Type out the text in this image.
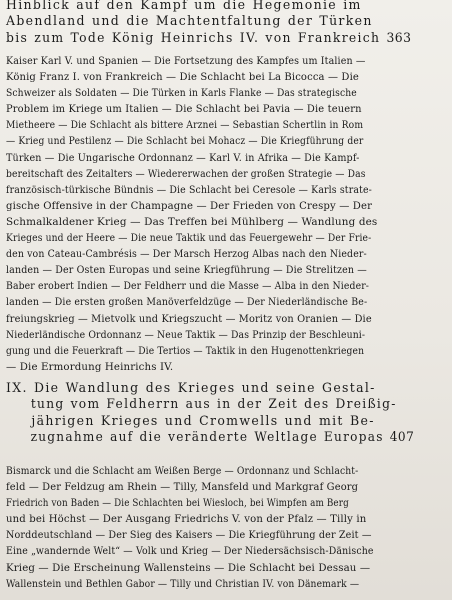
Hinblick auf den Kampf um die Hegemonie im
Abendland und die Machtentfaltung der Türken
bis zum Tode König Heinrichs IV. von Frankreich 363
Kaiser Karl V. und Spanien — Die Fortsetzung des Kampfes um Italien —
König Franz I. von Frankreich — Die Schlacht bei La Bicocca — Die
Schweizer als Soldaten — Die Türken in Karls Flanke — Das strategische
Problem im Kriege um Italien — Die Schlacht bei Pavia — Die teuern
Mietheere — Die Schlacht als bittere Arznei — Sebastian Schertlin in Rom
— Krieg und Pestilenz — Die Schlacht bei Mohacz — Die Kriegführung der
Türken — Die Ungarische Ordonnanz — Karl V. in Afrika — Die Kampf-
bereitschaft des Zeitalters — Wiedererwachen der großen Strategie — Das
französisch-türkische Bündnis — Die Schlacht bei Ceresole — Karls strate-
gische Offensive in der Champagne — Der Frieden von Crespy — Der
Schmalkaldener Krieg — Das Treffen bei Mühlberg — Wandlung des
Krieges und der Heere — Die neue Taktik und das Feuergewehr — Der Frie-
den von Cateau-Cambrésis — Der Marsch Herzog Albas nach den Nieder-
landen — Der Osten Europas und seine Kriegführung — Die Strelitzen —
Baber erobert Indien — Der Feldherr und die Masse — Alba in den Nieder-
landen — Die ersten großen Manöverfeldzüge — Der Niederländische Be-
freiungskrieg — Mietvolk und Kriegszucht — Moritz von Oranien — Die
Niederländische Ordonnanz — Neue Taktik — Das Prinzip der Beschleuni-
gung und die Feuerkraft — Die Tertios — Taktik in den Hugenottenkriegen
— Die Ermordung Heinrichs IV.
IX. Die Wandlung des Krieges und seine Gestal-
tung vom Feldherrn aus in der Zeit des Dreißig-
jährigen Krieges und Cromwells und mit Be-
zugnahme auf die veränderte Weltlage Europas 407
Bismarck und die Schlacht am Weißen Berge — Ordonnanz und Schlacht-
feld — Der Feldzug am Rhein — Tilly, Mansfeld und Markgraf Georg
Friedrich von Baden — Die Schlachten bei Wiesloch, bei Wimpfen am Berg
und bei Höchst — Der Ausgang Friedrichs V. von der Pfalz — Tilly in
Norddeutschland — Der Sieg des Kaisers — Die Kriegführung der Zeit —
Eine „wandernde Welt“ — Volk und Krieg — Der Niedersächsisch-Dänische
Krieg — Die Erscheinung Wallensteins — Die Schlacht bei Dessau —
Wallenstein und Bethlen Gabor — Tilly und Christian IV. von Dänemark —
